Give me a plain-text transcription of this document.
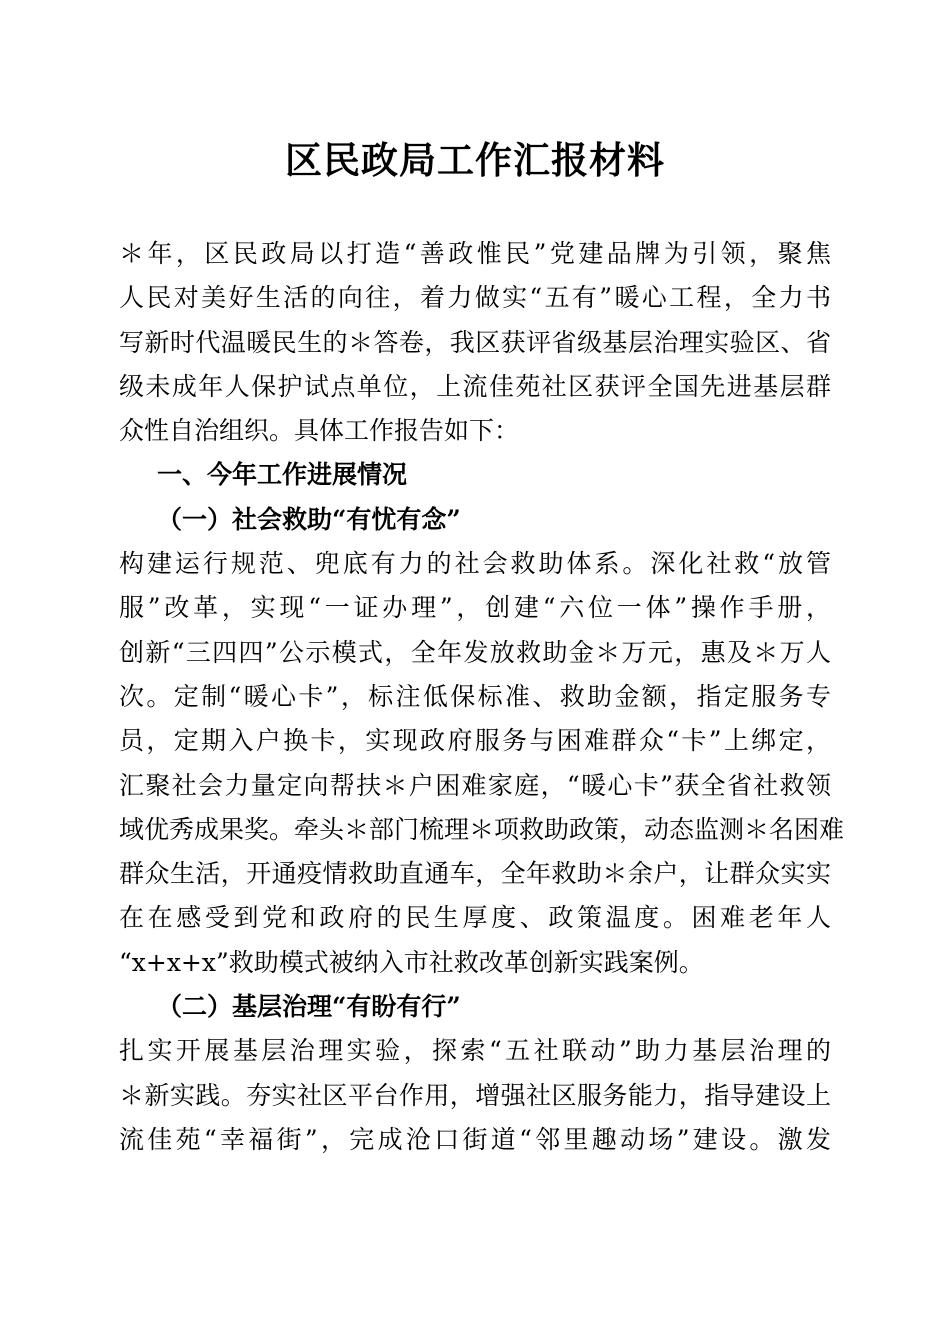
区民政局工作汇报材料
＊年，区民政局以打造“善政惟民”党建品牌为引领，聚焦
人民对美好生活的向往，着力做实“五有”暖心工程，全力书
写新时代温暖民生的＊答卷，我区获评省级基层治理实验区、省
级未成年人保护试点单位，上流佳苑社区获评全国先进基层群
众性自治组织。具体工作报告如下：
一、今年工作进展情况
（一）社会救助“有忧有念”
构建运行规范、兜底有力的社会救助体系。深化社救“放管
服”改革，实现“一证办理”，创建“六位一体”操作手册，
创新“三四四”公示模式，全年发放救助金＊万元，惠及＊万人
次。定制“暖心卡”，标注低保标准、救助金额，指定服务专
员，定期入户换卡，实现政府服务与困难群众“卡”上绑定，
汇聚社会力量定向帮扶＊户困难家庭，“暖心卡”获全省社救领
域优秀成果奖。牵头＊部门梳理＊项救助政策，动态监测＊名困难
群众生活，开通疫情救助直通车，全年救助＊余户，让群众实实
在在感受到党和政府的民生厚度、政策温度。困难老年人
“x+x+x”救助模式被纳入市社救改革创新实践案例。
（二）基层治理“有盼有行”
扎实开展基层治理实验，探索“五社联动”助力基层治理的
＊新实践。夯实社区平台作用，增强社区服务能力，指导建设上
流佳苑“幸福街”，完成沧口街道“邻里趣动场”建设。激发
